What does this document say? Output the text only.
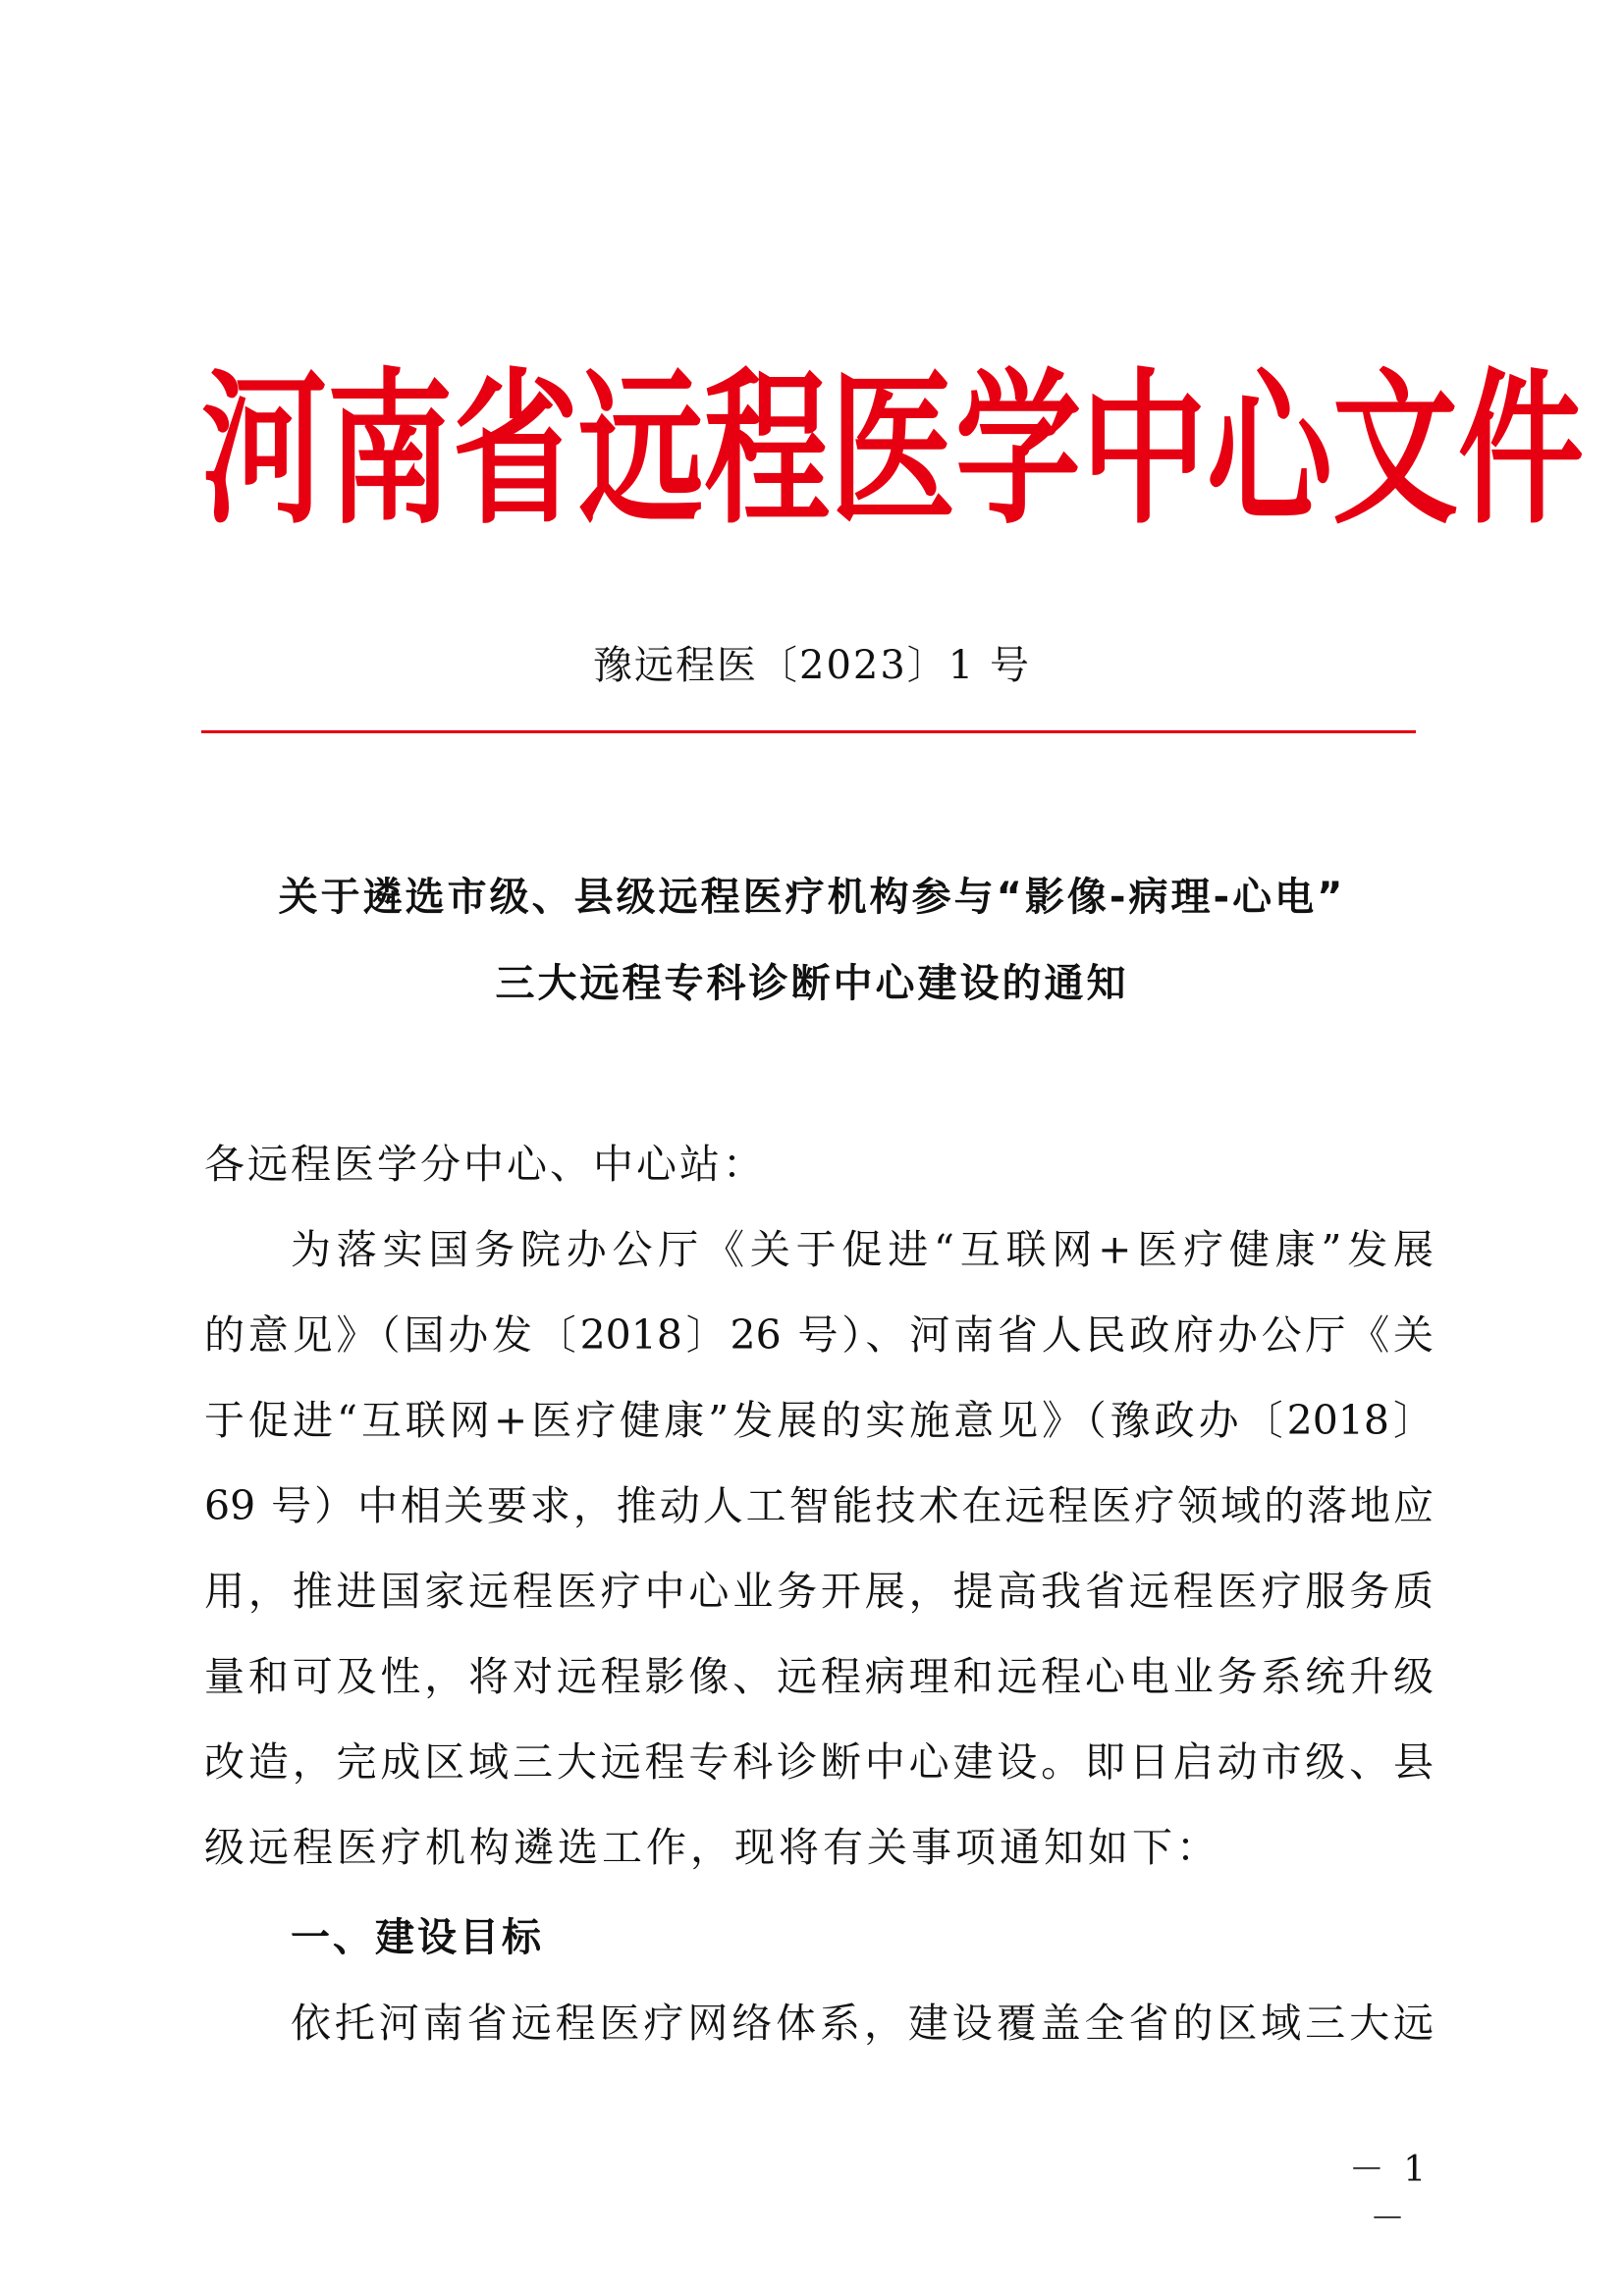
河南省远程医学中心文件
豫远程医〔2023〕1 号
关于遴选市级、县级远程医疗机构参与“影像-病理-心电”
三大远程专科诊断中心建设的通知
各远程医学分中心、中心站：
为落实国务院办公厅《关于促进“互联网+医疗健康”发展
的意见》（国办发〔2018〕26 号）、河南省人民政府办公厅《关
于促进“互联网+医疗健康”发展的实施意见》（豫政办〔2018〕
69 号）中相关要求，推动人工智能技术在远程医疗领域的落地应
用，推进国家远程医疗中心业务开展，提高我省远程医疗服务质
量和可及性，将对远程影像、远程病理和远程心电业务系统升级
改造，完成区域三大远程专科诊断中心建设。即日启动市级、县
级远程医疗机构遴选工作，现将有关事项通知如下：
一、建设目标
依托河南省远程医疗网络体系，建设覆盖全省的区域三大远
－ 1 －
